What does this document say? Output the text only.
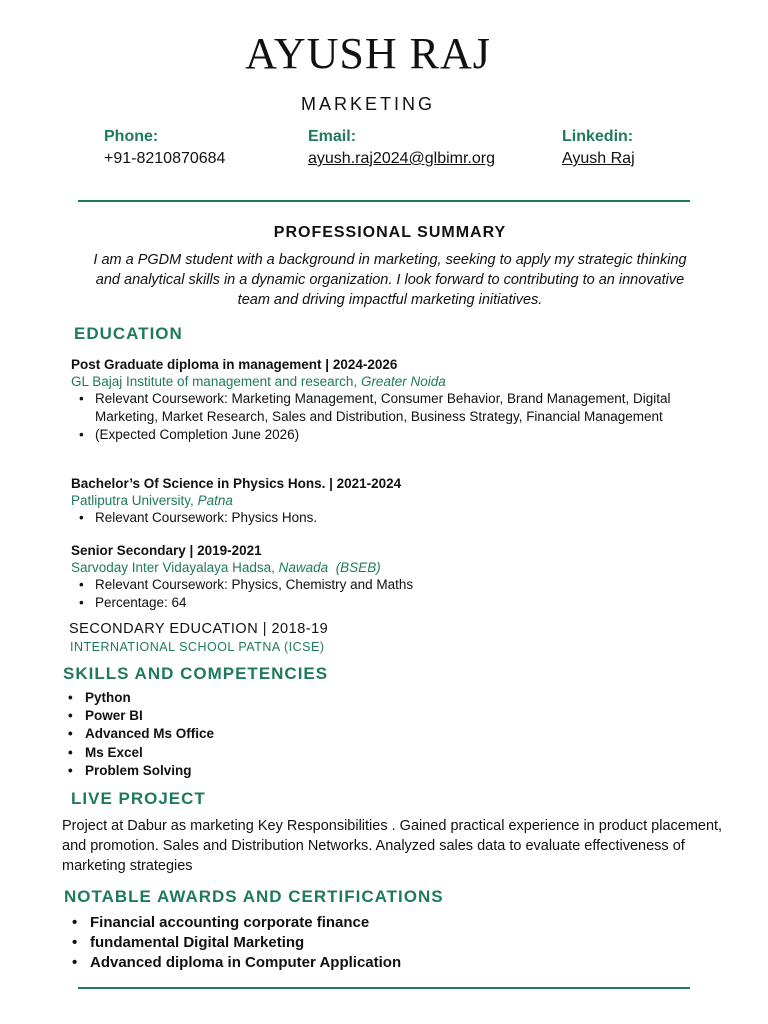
AYUSH RAJ
MARKETING
Phone:
+91-8210870684
Email:
ayush.raj2024@glbimr.org
Linkedin:
Ayush Raj
PROFESSIONAL SUMMARY
I am a PGDM student with a background in marketing, seeking to apply my strategic thinking and analytical skills in a dynamic organization. I look forward to contributing to an innovative team and driving impactful marketing initiatives.
EDUCATION
Post Graduate diploma in management | 2024-2026
GL Bajaj Institute of management and research, Greater Noida
• Relevant Coursework: Marketing Management, Consumer Behavior, Brand Management, Digital Marketing, Market Research, Sales and Distribution, Business Strategy, Financial Management
• (Expected Completion June 2026)
Bachelor’s Of Science in Physics Hons. | 2021-2024
Patliputra University, Patna
• Relevant Coursework: Physics Hons.
Senior Secondary | 2019-2021
Sarvoday Inter Vidayalaya Hadsa, Nawada (BSEB)
• Relevant Coursework: Physics, Chemistry and Maths
• Percentage: 64
SECONDARY EDUCATION | 2018-19
INTERNATIONAL SCHOOL PATNA (ICSE)
SKILLS AND COMPETENCIES
• Python
• Power BI
• Advanced Ms Office
• Ms Excel
• Problem Solving
LIVE PROJECT
Project at Dabur as marketing Key Responsibilities . Gained practical experience in product placement, and promotion. Sales and Distribution Networks. Analyzed sales data to evaluate effectiveness of marketing strategies
NOTABLE AWARDS AND CERTIFICATIONS
• Financial accounting corporate finance
• fundamental Digital Marketing
• Advanced diploma in Computer Application
